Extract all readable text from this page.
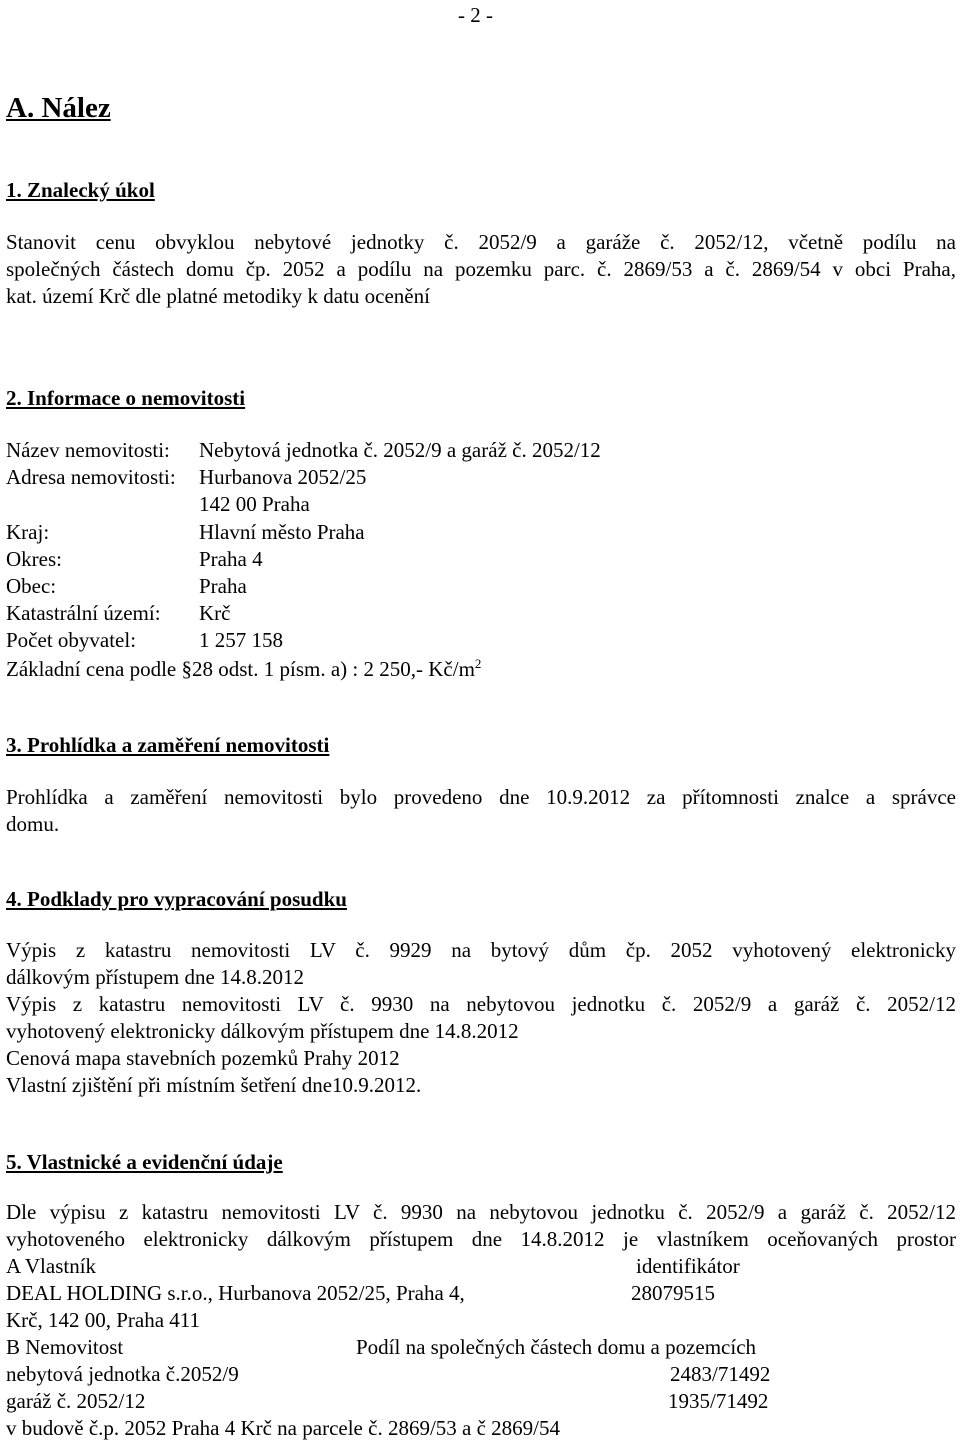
- 2 -
A. Nález
1. Znalecký úkol
Stanovit cenu obvyklou nebytové jednotky č. 2052/9 a garáže č. 2052/12, včetně podílu na
společných částech domu čp. 2052 a podílu na pozemku parc. č. 2869/53 a č. 2869/54 v obci Praha,
kat. území Krč dle platné metodiky k datu ocenění
2. Informace o nemovitosti
Název nemovitosti: Nebytová jednotka č. 2052/9 a garáž č. 2052/12
Adresa nemovitosti: Hurbanova 2052/25
142 00 Praha
Kraj:	Hlavní město Praha
Okres:	Praha 4
Obec:	Praha
Katastrální území: Krč
Počet obyvatel:	1 257 158
Základní cena podle §28 odst. 1 písm. a) : 2 250,- $Kč/m^2$
3. Prohlídka a zaměření nemovitosti
Prohlídka a zaměření nemovitosti bylo provedeno dne 10.9.2012 za přítomnosti znalce a správce
domu.
4. Podklady pro vypracování posudku
Výpis z katastru nemovitosti LV č. 9929 na bytový dům čp. 2052 vyhotovený elektronicky
dálkovým přístupem dne 14.8.2012
Výpis z katastru nemovitosti LV č. 9930 na nebytovou jednotku č. 2052/9 a garáž č. 2052/12
vyhotovený elektronicky dálkovým přístupem dne 14.8.2012
Cenová mapa stavebních pozemků Prahy 2012
Vlastní zjištění při místním šetření dne10.9.2012.
5. Vlastnické a evidenční údaje
Dle výpisu z katastru nemovitosti LV č. 9930 na nebytovou jednotku č. 2052/9 a garáž č. 2052/12
vyhotoveného elektronicky dálkovým přístupem dne 14.8.2012 je vlastníkem oceňovaných prostor
A Vlastník	identifikátor
DEAL HOLDING s.r.o., Hurbanova 2052/25, Praha 4,	28079515
Krč, 142 00, Praha 411
B Nemovitost	Podíl na společných částech domu a pozemcích
nebytová jednotka č.2052/9	2483/71492
garáž č. 2052/12	1935/71492
v budově č.p. 2052 Praha 4 Krč na parcele č. 2869/53 a č 2869/54
